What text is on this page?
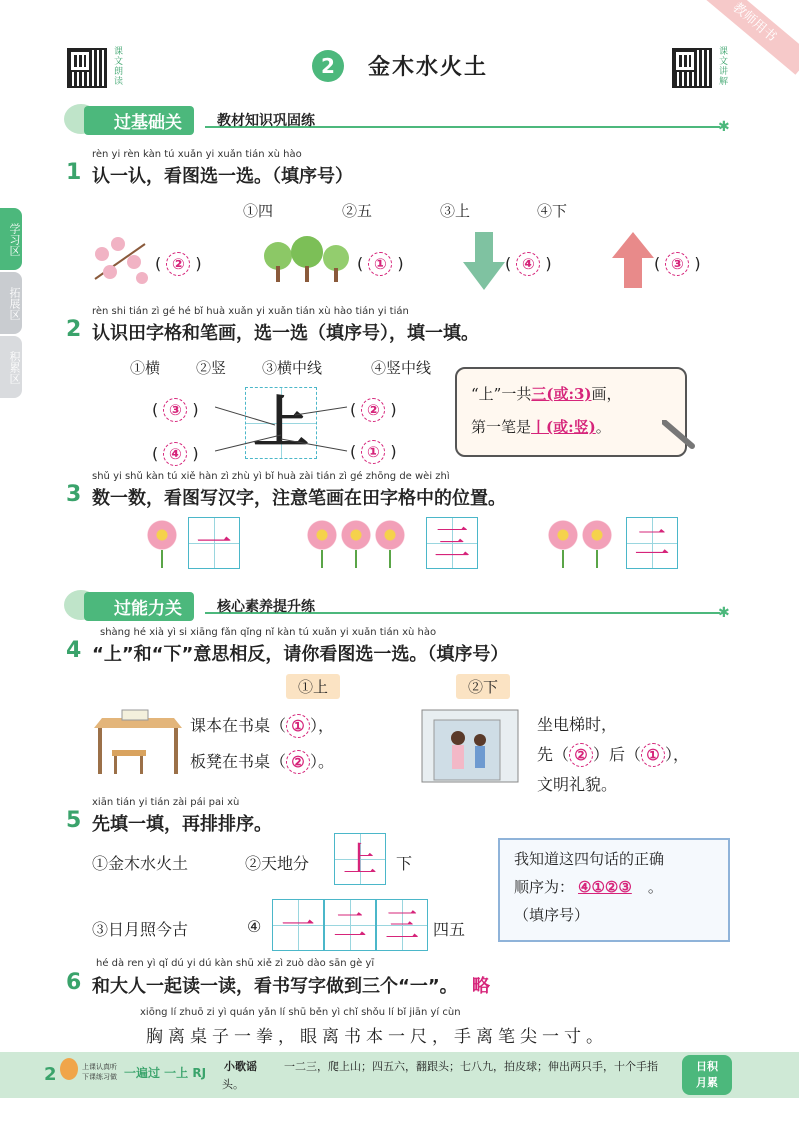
教师用书
课文朗读	2	金木水火土	课文讲解
过基础关	教材知识巩固练	✱
学习区
拓展区
积累区
rèn yi rèn kàn tú xuǎn yi xuǎn tián xù hào
1 认一认，看图选一选。（填序号）
①四	②五	③上	④下
( ② )	( ① )	( ④ )	( ③ )
rèn shi tián zì gé hé bǐ huà xuǎn yi xuǎn tián xù hào tián yi tián
2 认识田字格和笔画，选一选（填序号），填一填。
①横 ②竖 ③横中线	④竖中线
( ③ )
( ④ ) 上	( ② )
( ① )
“上”一共三(或:3)画，
第一笔是丨(或:竖)。
shǔ yi shǔ kàn tú xiě hàn zì zhù yì bǐ huà zài tián zì gé zhōng de wèi zhì
3 数一数，看图写汉字，注意笔画在田字格中的位置。
一	三	二
过能力关	核心素养提升练	✱
shàng hé xià yì si xiāng fǎn qǐng nǐ kàn tú xuǎn yi xuǎn tián xù hào
4 “上”和“下”意思相反，请你看图选一选。（填序号）
①上	②下
课本在书桌（ ① ），
板凳在书桌（ ② ）。
坐电梯时，
先（ ② ）后（ ① ），
文明礼貌。
xiān tián yi tián zài pái pai xù
5 先填一填，再排排序。
①金木水火土	②天地分 上	下
③日月照今古	④ 一 二 三 四五
我知道这四句话的正确
顺序为： ④①②③ 。
（填序号）
hé dà ren yì qǐ dú yi dú kàn shū xiě zì zuò dào sān gè yī
6 和大人一起读一读，看书写字做到三个“一”。 略
xiōng lí zhuō zi yì quán yǎn lí shū běn yì chǐ shǒu lí bǐ jiān yí cùn
胸离桌子一拳，眼离书本一尺，手离笔尖一寸。
2	上课认真听
下课练习做 一遍过 一上 RJ 小歌谣	一二三，爬上山；四五六，翻跟头；七八九，拍皮球；伸出两只手，十个手指头。
日积
月累
